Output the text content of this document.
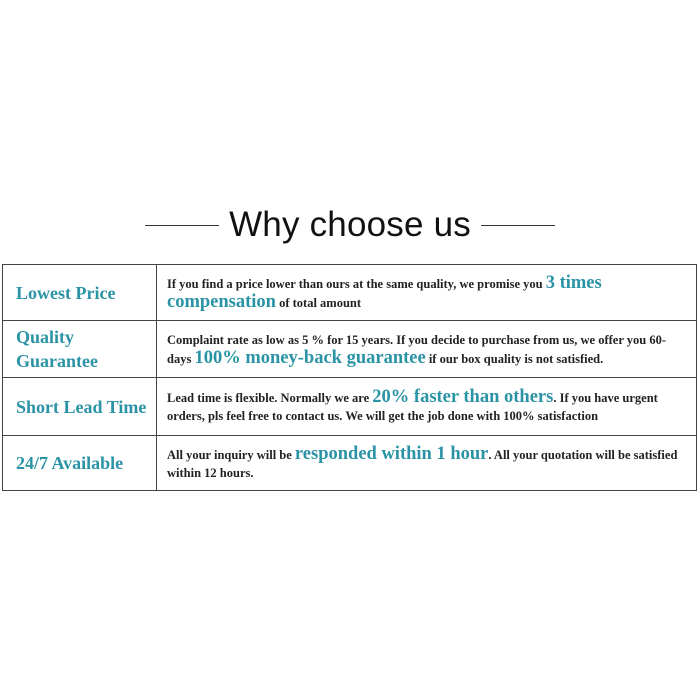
Why choose us
Lowest Price	If you find a price lower than ours at the same quality, we promise you 3 times compensation of total amount
Quality Guarantee	Complaint rate as low as 5 % for 15 years. If you decide to purchase from us, we offer you 60-days 100% money-back guarantee if our box quality is not satisfied.
Short Lead Time	Lead time is flexible. Normally we are 20% faster than others. If you have urgent orders, pls feel free to contact us. We will get the job done with 100% satisfaction
24/7 Available	All your inquiry will be responded within 1 hour. All your quotation will be satisfied within 12 hours.
